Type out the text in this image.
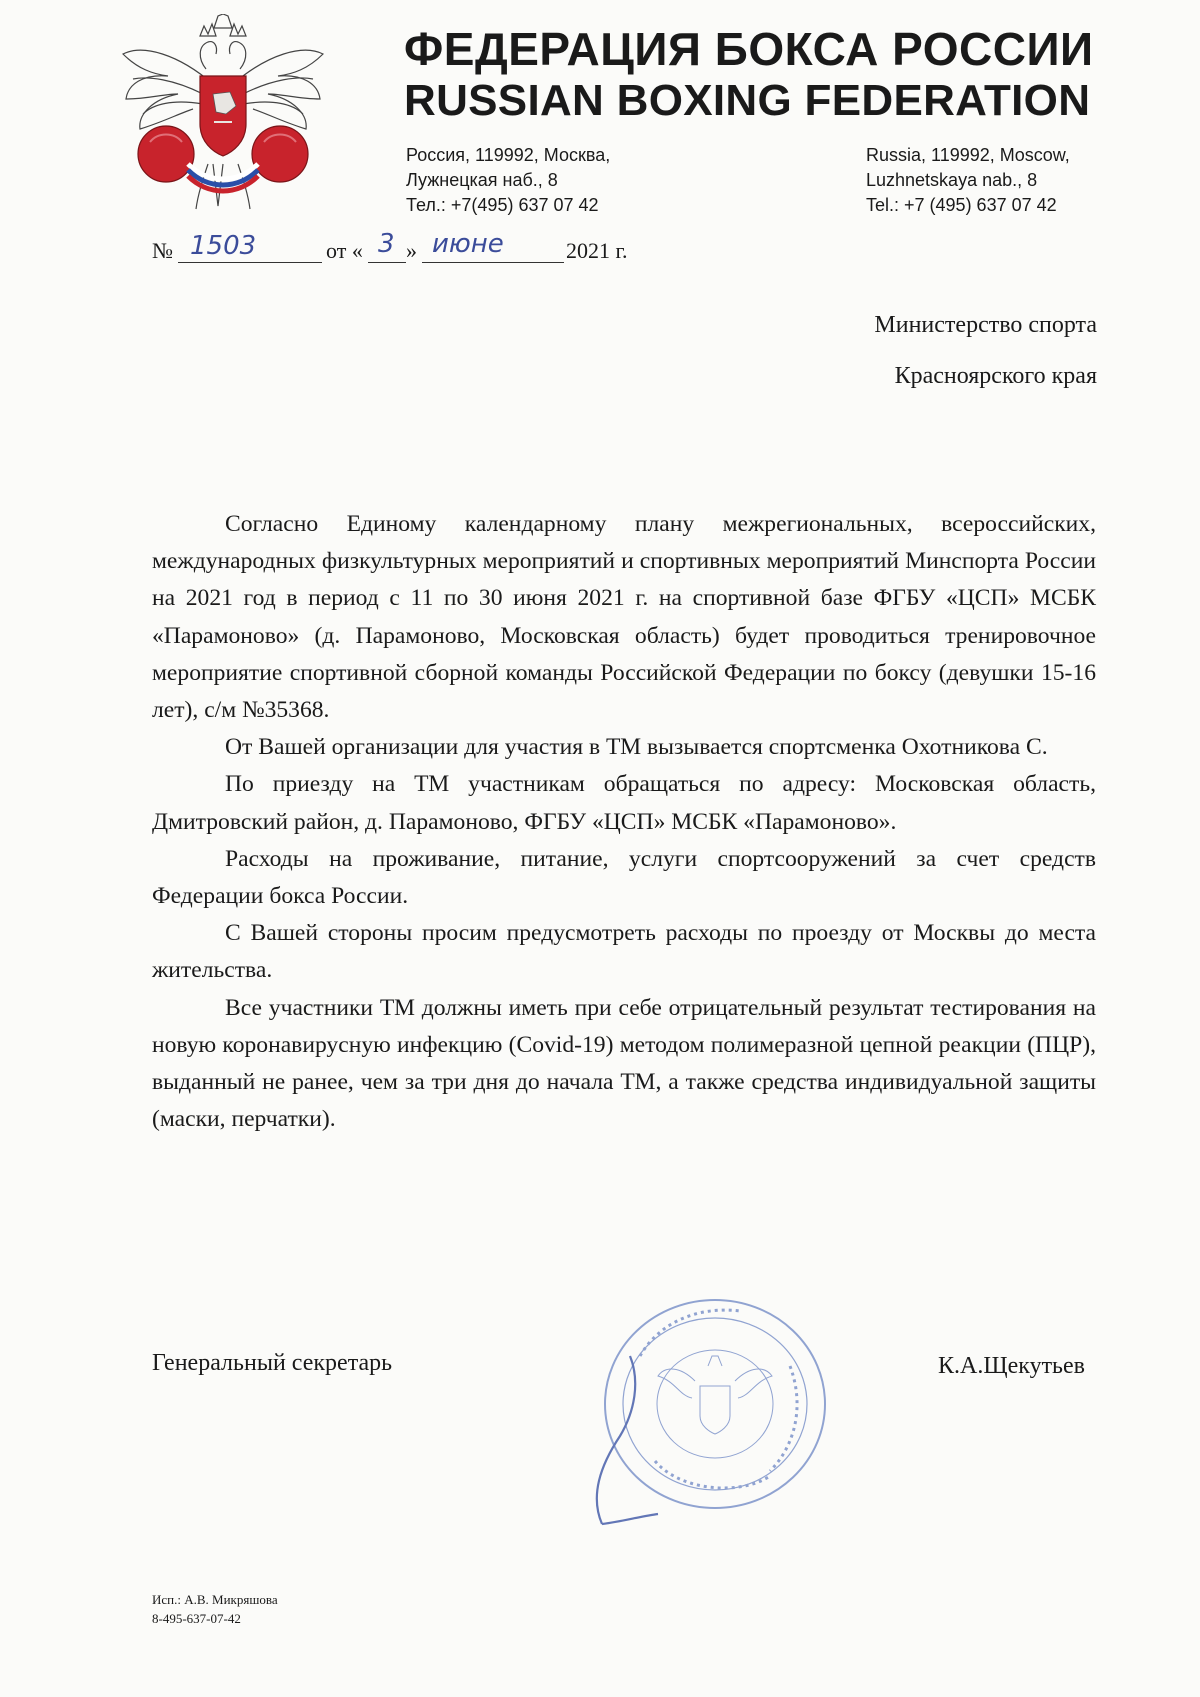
ФЕДЕРАЦИЯ БОКСА РОССИИ
RUSSIAN BOXING FEDERATION
Россия, 119992, Москва,
Лужнецкая наб., 8
Тел.: +7(495) 637 07 42
Russia, 119992, Moscow,
Luzhnetskaya nab., 8
Tel.: +7 (495) 637 07 42
№ 1503	от « 3 » июне	2021 г.
Министерство спорта
Красноярского края

Согласно Единому календарному плану межрегиональных, всероссийских, международных физкультурных мероприятий и спортивных мероприятий Минспорта России на 2021 год в период с 11 по 30 июня 2021 г. на спортивной базе ФГБУ «ЦСП» МСБК «Парамоново» (д. Парамоново, Московская область) будет проводиться тренировочное мероприятие спортивной сборной команды Российской Федерации по боксу (девушки 15-16 лет), с/м №35368.

От Вашей организации для участия в ТМ вызывается спортсменка Охотникова С.

По приезду на ТМ участникам обращаться по адресу: Московская область, Дмитровский район, д. Парамоново, ФГБУ «ЦСП» МСБК «Парамоново».

Расходы на проживание, питание, услуги спортсооружений за счет средств Федерации бокса России.

С Вашей стороны просим предусмотреть расходы по проезду от Москвы до места жительства.

Все участники ТМ должны иметь при себе отрицательный результат тестирования на новую коронавирусную инфекцию (Covid-19) методом полимеразной цепной реакции (ПЦР), выданный не ранее, чем за три дня до начала ТМ, а также средства индивидуальной защиты (маски, перчатки).

Генеральный секретарь	К.А.Щекутьев
Исп.: А.В. Микряшова
8-495-637-07-42
